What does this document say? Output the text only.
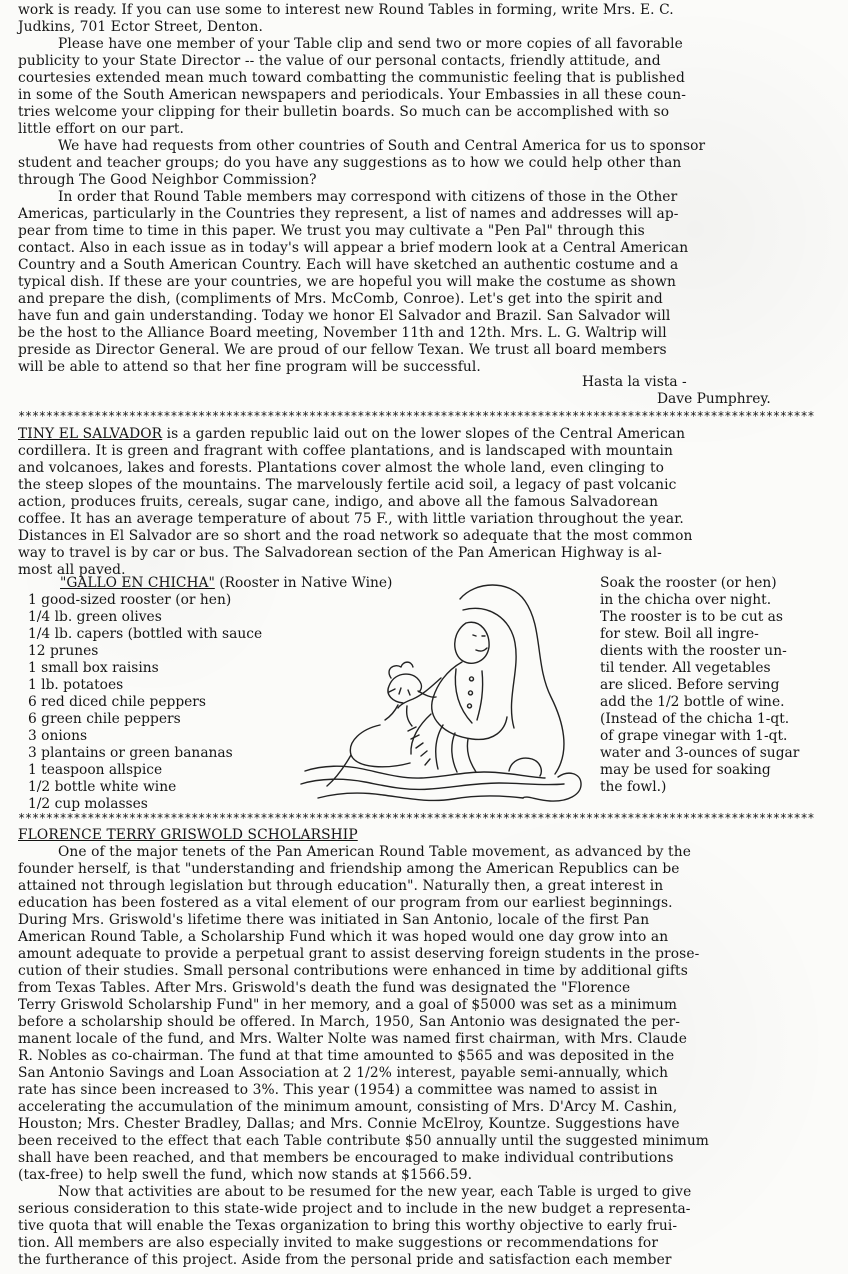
work is ready. If you can use some to interest new Round Tables in forming, write Mrs. E. C.
Judkins, 701 Ector Street, Denton.
Please have one member of your Table clip and send two or more copies of all favorable
publicity to your State Director -- the value of our personal contacts, friendly attitude, and
courtesies extended mean much toward combatting the communistic feeling that is published
in some of the South American newspapers and periodicals. Your Embassies in all these coun-
tries welcome your clipping for their bulletin boards. So much can be accomplished with so
little effort on our part.
We have had requests from other countries of South and Central America for us to sponsor
student and teacher groups; do you have any suggestions as to how we could help other than
through The Good Neighbor Commission?
In order that Round Table members may correspond with citizens of those in the Other
Americas, particularly in the Countries they represent, a list of names and addresses will ap-
pear from time to time in this paper. We trust you may cultivate a "Pen Pal" through this
contact. Also in each issue as in today's will appear a brief modern look at a Central American
Country and a South American Country. Each will have sketched an authentic costume and a
typical dish. If these are your countries, we are hopeful you will make the costume as shown
and prepare the dish, (compliments of Mrs. McComb, Conroe). Let's get into the spirit and
have fun and gain understanding. Today we honor El Salvador and Brazil. San Salvador will
be the host to the Alliance Board meeting, November 11th and 12th. Mrs. L. G. Waltrip will
preside as Director General. We are proud of our fellow Texan. We trust all board members
will be able to attend so that her fine program will be successful.
Hasta la vista -
Dave Pumphrey.
*******************************************************************************************************************
TINY EL SALVADOR is a garden republic laid out on the lower slopes of the Central American
cordillera. It is green and fragrant with coffee plantations, and is landscaped with mountain
and volcanoes, lakes and forests. Plantations cover almost the whole land, even clinging to
the steep slopes of the mountains. The marvelously fertile acid soil, a legacy of past volcanic
action, produces fruits, cereals, sugar cane, indigo, and above all the famous Salvadorean
coffee. It has an average temperature of about 75 F., with little variation throughout the year.
Distances in El Salvador are so short and the road network so adequate that the most common
way to travel is by car or bus. The Salvadorean section of the Pan American Highway is al-
most all paved.
"GALLO EN CHICHA" (Rooster in Native Wine)
1 good-sized rooster (or hen)
1/4 lb. green olives
1/4 lb. capers (bottled with sauce
12 prunes
1 small box raisins
1 lb. potatoes
6 red diced chile peppers
6 green chile peppers
3 onions
3 plantains or green bananas
1 teaspoon allspice
1/2 bottle white wine
1/2 cup molasses
Soak the rooster (or hen)
in the chicha over night.
The rooster is to be cut as
for stew. Boil all ingre-
dients with the rooster un-
til tender. All vegetables
are sliced. Before serving
add the 1/2 bottle of wine.
(Instead of the chicha 1-qt.
of grape vinegar with 1-qt.
water and 3-ounces of sugar
may be used for soaking
the fowl.)
*******************************************************************************************************************
FLORENCE TERRY GRISWOLD SCHOLARSHIP
One of the major tenets of the Pan American Round Table movement, as advanced by the
founder herself, is that "understanding and friendship among the American Republics can be
attained not through legislation but through education". Naturally then, a great interest in
education has been fostered as a vital element of our program from our earliest beginnings.
During Mrs. Griswold's lifetime there was initiated in San Antonio, locale of the first Pan
American Round Table, a Scholarship Fund which it was hoped would one day grow into an
amount adequate to provide a perpetual grant to assist deserving foreign students in the prose-
cution of their studies. Small personal contributions were enhanced in time by additional gifts
from Texas Tables. After Mrs. Griswold's death the fund was designated the "Florence
Terry Griswold Scholarship Fund" in her memory, and a goal of $5000 was set as a minimum
before a scholarship should be offered. In March, 1950, San Antonio was designated the per-
manent locale of the fund, and Mrs. Walter Nolte was named first chairman, with Mrs. Claude
R. Nobles as co-chairman. The fund at that time amounted to $565 and was deposited in the
San Antonio Savings and Loan Association at 2 1/2% interest, payable semi-annually, which
rate has since been increased to 3%. This year (1954) a committee was named to assist in
accelerating the accumulation of the minimum amount, consisting of Mrs. D'Arcy M. Cashin,
Houston; Mrs. Chester Bradley, Dallas; and Mrs. Connie McElroy, Kountze. Suggestions have
been received to the effect that each Table contribute $50 annually until the suggested minimum
shall have been reached, and that members be encouraged to make individual contributions
(tax-free) to help swell the fund, which now stands at $1566.59.
Now that activities are about to be resumed for the new year, each Table is urged to give
serious consideration to this state-wide project and to include in the new budget a representa-
tive quota that will enable the Texas organization to bring this worthy objective to early frui-
tion. All members are also especially invited to make suggestions or recommendations for
the furtherance of this project. Aside from the personal pride and satisfaction each member
